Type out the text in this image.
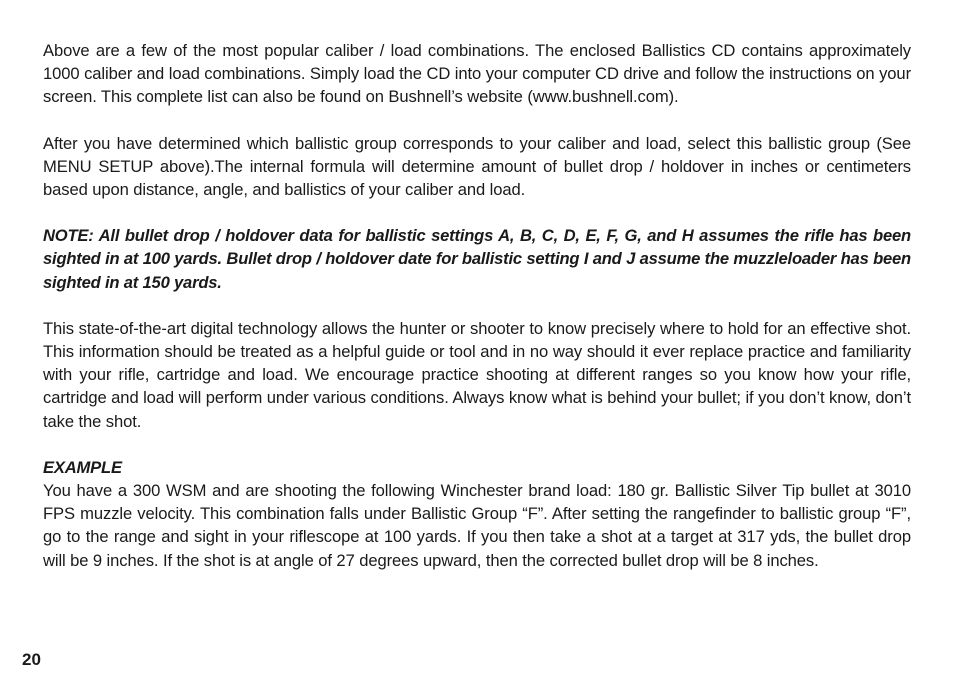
Above are a few of the most popular caliber / load combinations. The enclosed Ballistics CD contains approximately 1000 caliber and load combinations. Simply load the CD into your computer CD drive and follow the instructions on your screen. This complete list can also be found on Bushnell’s website (www.bushnell.com).

After you have determined which ballistic group corresponds to your caliber and load, select this ballistic group (See MENU SETUP above).The internal formula will determine amount of bullet drop / holdover in inches or centimeters based upon distance, angle, and ballistics of your caliber and load.

NOTE: All bullet drop / holdover data for ballistic settings A, B, C, D, E, F, G, and H assumes the rifle has been sighted in at 100 yards. Bullet drop / holdover date for ballistic setting I and J assume the muzzleloader has been sighted in at 150 yards.

This state-of-the-art digital technology allows the hunter or shooter to know precisely where to hold for an effective shot. This information should be treated as a helpful guide or tool and in no way should it ever replace practice and familiarity with your rifle, cartridge and load. We encourage practice shooting at different ranges so you know how your rifle, cartridge and load will perform under various conditions. Always know what is behind your bullet; if you don’t know, don’t take the shot.

EXAMPLE

You have a 300 WSM and are shooting the following Winchester brand load: 180 gr. Ballistic Silver Tip bullet at 3010 FPS muzzle velocity. This combination falls under Ballistic Group “F”. After setting the rangefinder to ballistic group “F”, go to the range and sight in your riflescope at 100 yards. If you then take a shot at a target at 317 yds, the bullet drop will be 9 inches. If the shot is at angle of 27 degrees upward, then the corrected bullet drop will be 8 inches.

20
